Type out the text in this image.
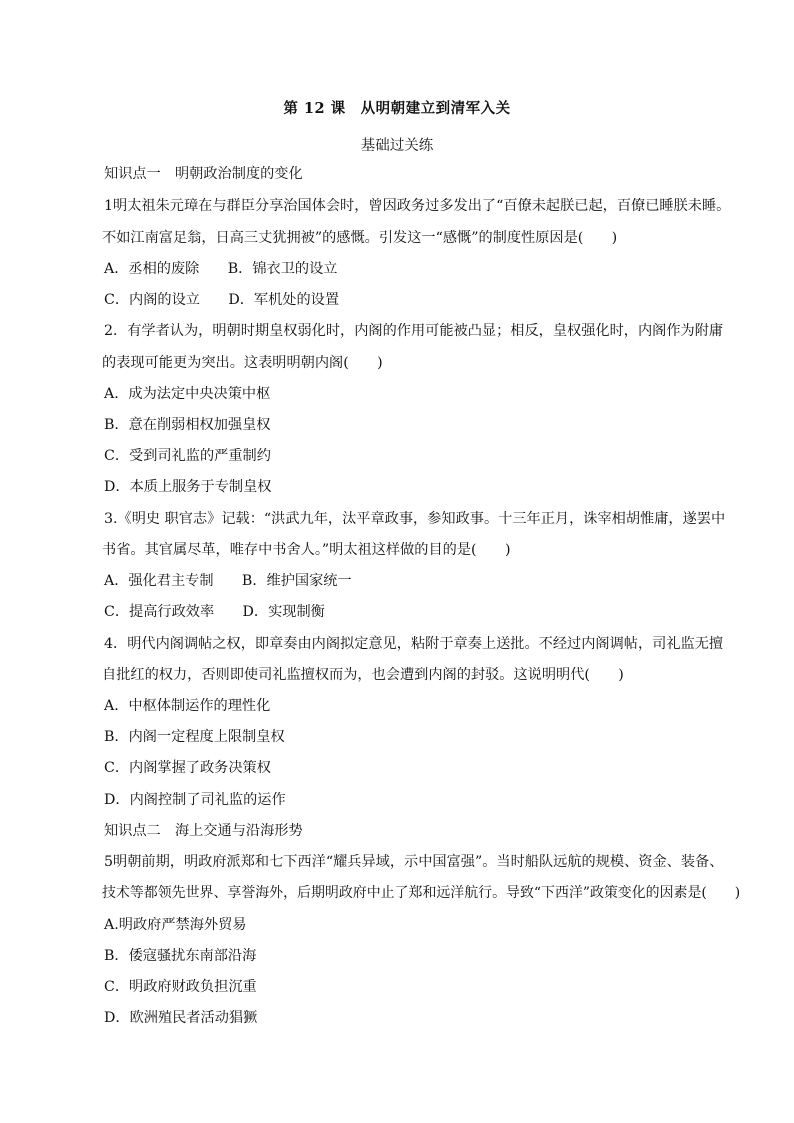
第 12 课　从明朝建立到清军入关
基础过关练
知识点一　明朝政治制度的变化
1明太祖朱元璋在与群臣分享治国体会时，曾因政务过多发出了“百僚未起朕已起，百僚已睡朕未睡。
不如江南富足翁，日高三丈犹拥被”的感慨。引发这一“感慨”的制度性原因是(　　)
A．丞相的废除　　B．锦衣卫的设立
C．内阁的设立　　D．军机处的设置
2．有学者认为，明朝时期皇权弱化时，内阁的作用可能被凸显；相反，皇权强化时，内阁作为附庸
的表现可能更为突出。这表明明朝内阁(　　)
A．成为法定中央决策中枢
B．意在削弱相权加强皇权
C．受到司礼监的严重制约
D．本质上服务于专制皇权
3.《明史 职官志》记载：“洪武九年，汰平章政事，参知政事。十三年正月，诛宰相胡惟庸，遂罢中
书省。其官属尽革，唯存中书舍人。”明太祖这样做的目的是(　　)
A．强化君主专制　　B．维护国家统一
C．提高行政效率　　D．实现制衡
4．明代内阁调帖之权，即章奏由内阁拟定意见，粘附于章奏上送批。不经过内阁调帖，司礼监无擅
自批红的权力，否则即使司礼监擅权而为，也会遭到内阁的封驳。这说明明代(　　)
A．中枢体制运作的理性化
B．内阁一定程度上限制皇权
C．内阁掌握了政务决策权
D．内阁控制了司礼监的运作
知识点二　海上交通与沿海形势
5明朝前期，明政府派郑和七下西洋“耀兵异域，示中国富强”。当时船队远航的规模、资金、装备、
技术等都领先世界、享誉海外，后期明政府中止了郑和远洋航行。导致“下西洋”政策变化的因素是(　　)
A.明政府严禁海外贸易
B．倭寇骚扰东南部沿海
C．明政府财政负担沉重
D．欧洲殖民者活动猖獗
